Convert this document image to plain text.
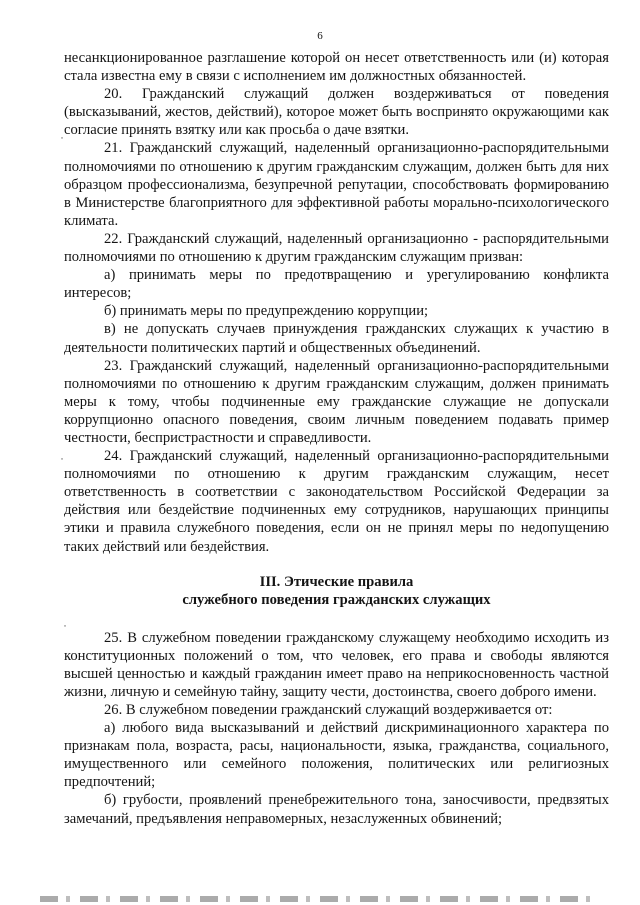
6

несанкционированное разглашение которой он несет ответственность или (и) которая стала известна ему в связи с исполнением им должностных обязанностей.

20. Гражданский служащий должен воздерживаться от поведения (высказываний, жестов, действий), которое может быть воспринято окружающими как согласие принять взятку или как просьба о даче взятки.

21. Гражданский служащий, наделенный организационно-распорядительными полномочиями по отношению к другим гражданским служащим, должен быть для них образцом профессионализма, безупречной репутации, способствовать формированию в Министерстве благоприятного для эффективной работы морально-психологического климата.

22. Гражданский служащий, наделенный организационно - распорядительными полномочиями по отношению к другим гражданским служащим призван:

а) принимать меры по предотвращению и урегулированию конфликта интересов;

б) принимать меры по предупреждению коррупции;

в) не допускать случаев принуждения гражданских служащих к участию в деятельности политических партий и общественных объединений.

23. Гражданский служащий, наделенный организационно-распорядительными полномочиями по отношению к другим гражданским служащим, должен принимать меры к тому, чтобы подчиненные ему гражданские служащие не допускали коррупционно опасного поведения, своим личным поведением подавать пример честности, беспристрастности и справедливости.

24. Гражданский служащий, наделенный организационно-распорядительными полномочиями по отношению к другим гражданским служащим, несет ответственность в соответствии с законодательством Российской Федерации за действия или бездействие подчиненных ему сотрудников, нарушающих принципы этики и правила служебного поведения, если он не принял меры по недопущению таких действий или бездействия.

III. Этические правила
служебного поведения гражданских служащих

25. В служебном поведении гражданскому служащему необходимо исходить из конституционных положений о том, что человек, его права и свободы являются высшей ценностью и каждый гражданин имеет право на неприкосновенность частной жизни, личную и семейную тайну, защиту чести, достоинства, своего доброго имени.

26. В служебном поведении гражданский служащий воздерживается от:

а) любого вида высказываний и действий дискриминационного характера по признакам пола, возраста, расы, национальности, языка, гражданства, социального, имущественного или семейного положения, политических или религиозных предпочтений;

б) грубости, проявлений пренебрежительного тона, заносчивости, предвзятых замечаний, предъявления неправомерных, незаслуженных обвинений;

˙
˙
˙
